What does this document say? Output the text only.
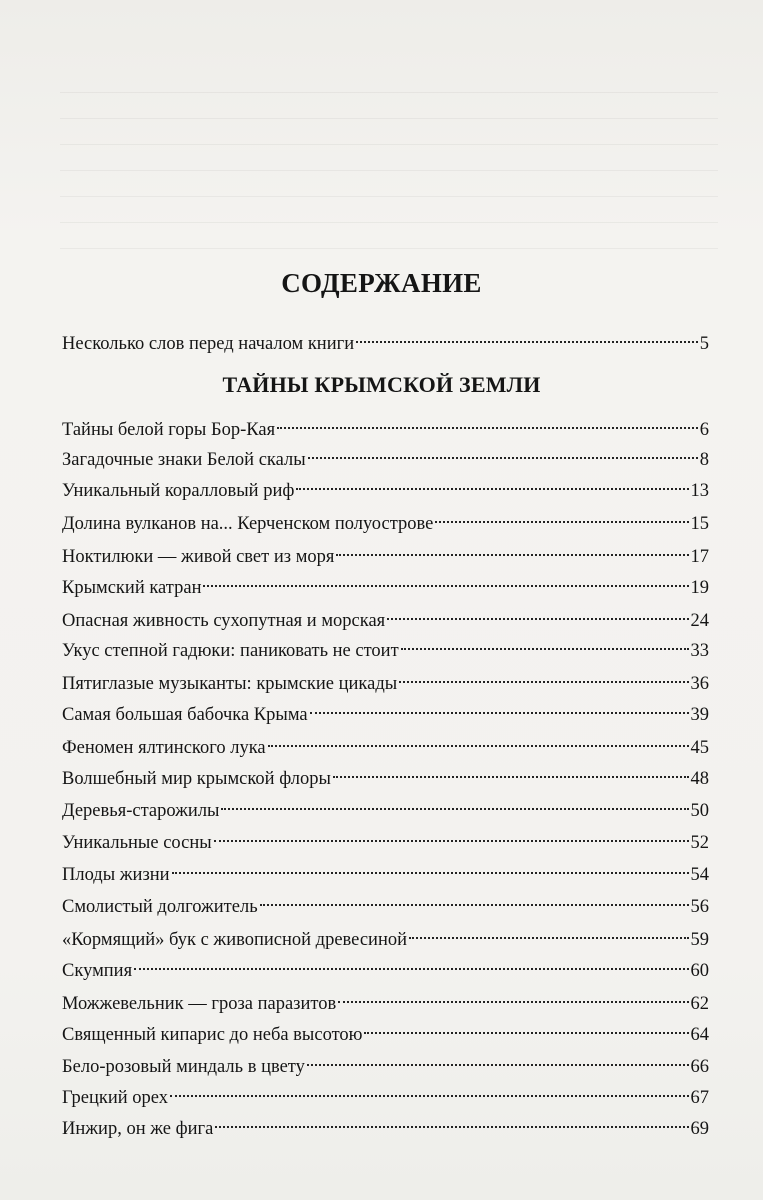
СОДЕРЖАНИЕ
Несколько слов перед началом книги	5
ТАЙНЫ КРЫМСКОЙ ЗЕМЛИ
Тайны белой горы Бор-Кая	6
Загадочные знаки Белой скалы	8
Уникальный коралловый риф	13
Долина вулканов на... Керченском полуострове	15
Ноктилюки — живой свет из моря	17
Крымский катран	19
Опасная живность сухопутная и морская	24
Укус степной гадюки: паниковать не стоит	33
Пятиглазые музыканты: крымские цикады	36
Самая большая бабочка Крыма	39
Феномен ялтинского лука	45
Волшебный мир крымской флоры	48
Деревья-старожилы	50
Уникальные сосны	52
Плоды жизни	54
Смолистый долгожитель	56
«Кормящий» бук с живописной древесиной	59
Скумпия	60
Можжевельник — гроза паразитов	62
Священный кипарис до неба высотою	64
Бело-розовый миндаль в цвету	66
Грецкий орех	67
Инжир, он же фига	69
